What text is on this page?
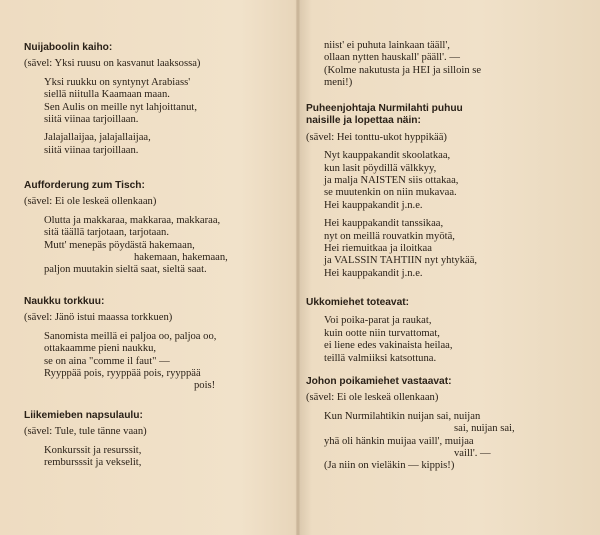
Nuijaboolin kaiho:
(sävel: Yksi ruusu on kasvanut laaksossa)
Yksi ruukku on syntynyt Arabiass'
siellä niitulla Kaamaan maan.
Sen Aulis on meille nyt lahjoittanut,
siitä viinaa tarjoillaan.
Jalajallaijaa, jalajallaijaa,
siitä viinaa tarjoillaan.
Aufforderung zum Tisch:
(sävel: Ei ole leskeä ollenkaan)
Olutta ja makkaraa, makkaraa, makkaraa,
sitä täällä tarjotaan, tarjotaan.
Mutt' menepäs pöydästä hakemaan,
hakemaan, hakemaan,
paljon muutakin sieltä saat, sieltä saat.
Naukku torkkuu:
(sävel: Jänö istui maassa torkkuen)
Sanomista meillä ei paljoa oo, paljoa oo,
ottakaamme pieni naukku,
se on aina "comme il faut" —
Ryyppää pois, ryyppää pois, ryyppää
pois!
Liikemieben napsulaulu:
(sävel: Tule, tule tänne vaan)
Konkurssit ja resurssit,
rembursssit ja vekselit,
niist' ei puhuta lainkaan tääll',
ollaan nytten hauskall' pääll'. —
(Kolme nakutusta ja HEI ja silloin se
meni!)
Puheenjohtaja Nurmilahti puhuu
naisille ja lopettaa näin:
(sävel: Hei tonttu-ukot hyppikää)
Nyt kauppakandit skoolatkaa,
kun lasit pöydillä välkkyy,
ja malja NAISTEN siis ottakaa,
se muutenkin on niin mukavaa.
Hei kauppakandit j.n.e.
Hei kauppakandit tanssikaa,
nyt on meillä rouvatkin myötä,
Hei riemuitkaa ja iloitkaa
ja VALSSIN TAHTIIN nyt yhtykää,
Hei kauppakandit j.n.e.
Ukkomiehet toteavat:
Voi poika-parat ja raukat,
kuin ootte niin turvattomat,
ei liene edes vakinaista heilaa,
teillä valmiiksi katsottuna.
Johon poikamiehet vastaavat:
(sävel: Ei ole leskeä ollenkaan)
Kun Nurmilahtikin nuijan sai, nuijan
sai, nuijan sai,
yhä oli hänkin muijaa vaill', muijaa
vaill'. —
(Ja niin on vieläkin — kippis!)
